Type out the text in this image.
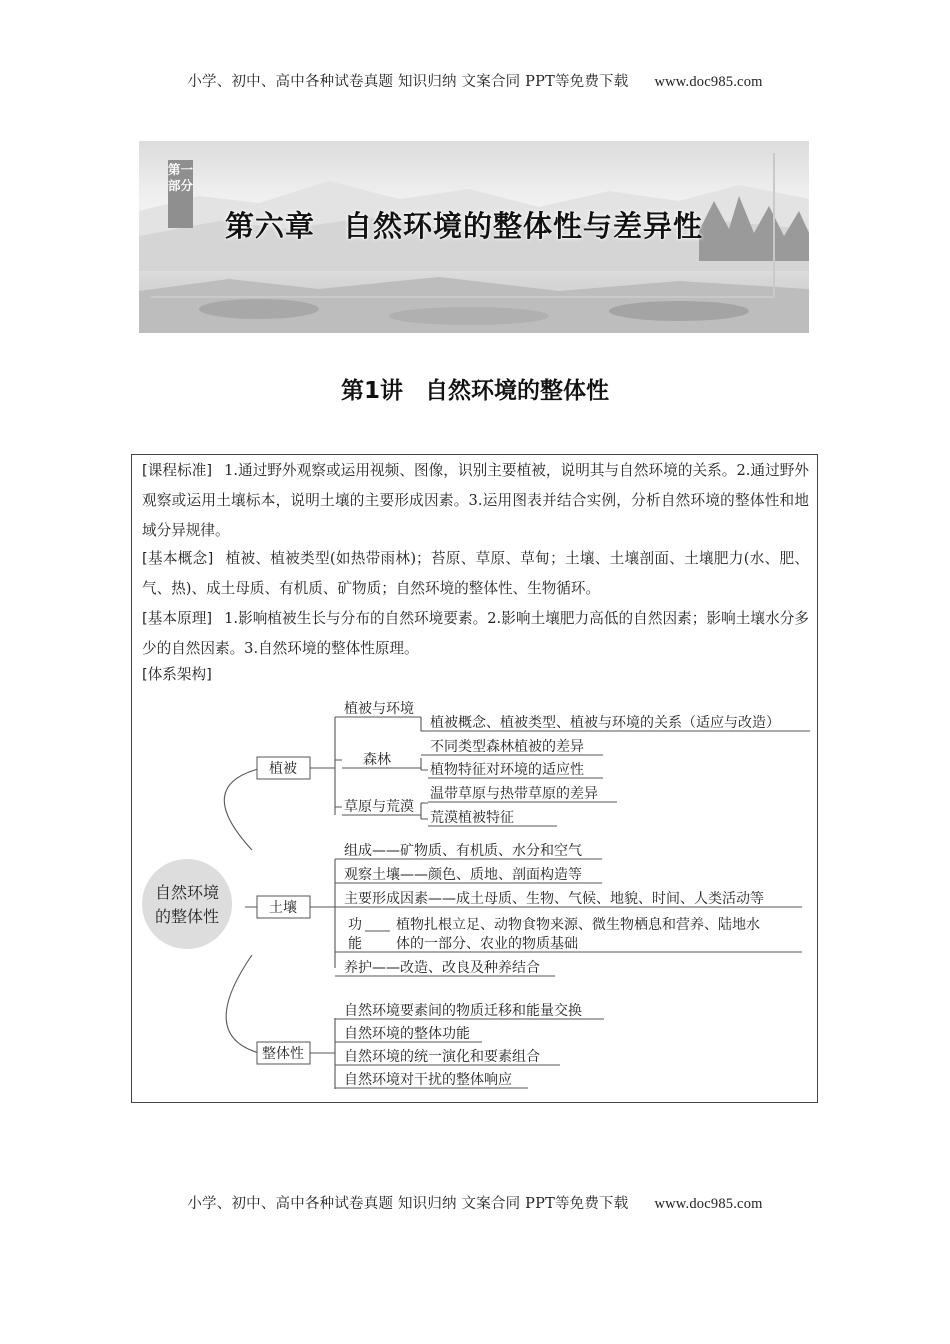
小学、初中、高中各种试卷真题 知识归纳 文案合同 PPT等免费下载 www.doc985.com
第一部分
第六章 自然环境的整体性与差异性
第1讲 自然环境的整体性
[课程标准] 1.通过野外观察或运用视频、图像，识别主要植被，说明其与自然环境的关系。2.通过野外观察或运用土壤标本，说明土壤的主要形成因素。3.运用图表并结合实例，分析自然环境的整体性和地域分异规律。
[基本概念] 植被、植被类型(如热带雨林)；苔原、草原、草甸；土壤、土壤剖面、土壤肥力(水、肥、气、热)、成土母质、有机质、矿物质；自然环境的整体性、生物循环。
[基本原理] 1.影响植被生长与分布的自然环境要素。2.影响土壤肥力高低的自然因素；影响土壤水分多少的自然因素。3.自然环境的整体性原理。
[体系架构]
自然环境
的整体性
植被
植被与环境
森林
草原与荒漠
植被概念、植被类型、植被与环境的关系（适应与改造）
不同类型森林植被的差异
植物特征对环境的适应性
温带草原与热带草原的差异
荒漠植被特征
土壤
组成——矿物质、有机质、水分和空气
观察土壤——颜色、质地、剖面构造等
主要形成因素——成土母质、生物、气候、地貌、时间、人类活动等
功
能
植物扎根立足、动物食物来源、微生物栖息和营养、陆地水
体的一部分、农业的物质基础
养护——改造、改良及种养结合
整体性
自然环境要素间的物质迁移和能量交换
自然环境的整体功能
自然环境的统一演化和要素组合
自然环境对干扰的整体响应
小学、初中、高中各种试卷真题 知识归纳 文案合同 PPT等免费下载 www.doc985.com
